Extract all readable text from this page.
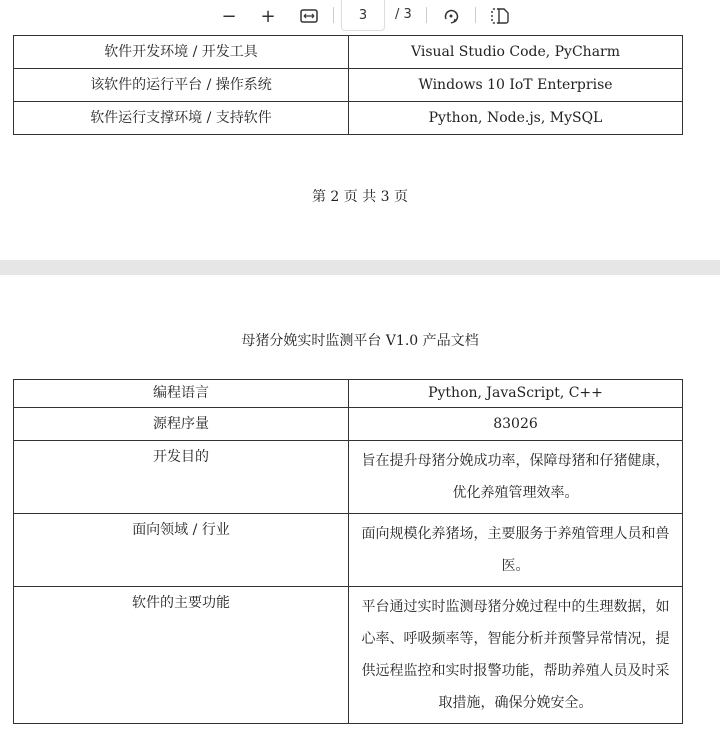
− +	3	/ 3
软件开发环境 / 开发工具	Visual Studio Code, PyCharm
该软件的运行平台 / 操作系统	Windows 10 IoT Enterprise
软件运行支撑环境 / 支持软件	Python, Node.js, MySQL
第 2 页 共 3 页
母猪分娩实时监测平台 V1.0 产品文档
编程语言	Python, JavaScript, C++
源程序量	83026
开发目的	旨在提升母猪分娩成功率，保障母猪和仔猪健康，优化养殖管理效率。
面向领域 / 行业	面向规模化养猪场，主要服务于养殖管理人员和兽医。
软件的主要功能	平台通过实时监测母猪分娩过程中的生理数据，如心率、呼吸频率等，智能分析并预警异常情况，提供远程监控和实时报警功能，帮助养殖人员及时采取措施，确保分娩安全。
